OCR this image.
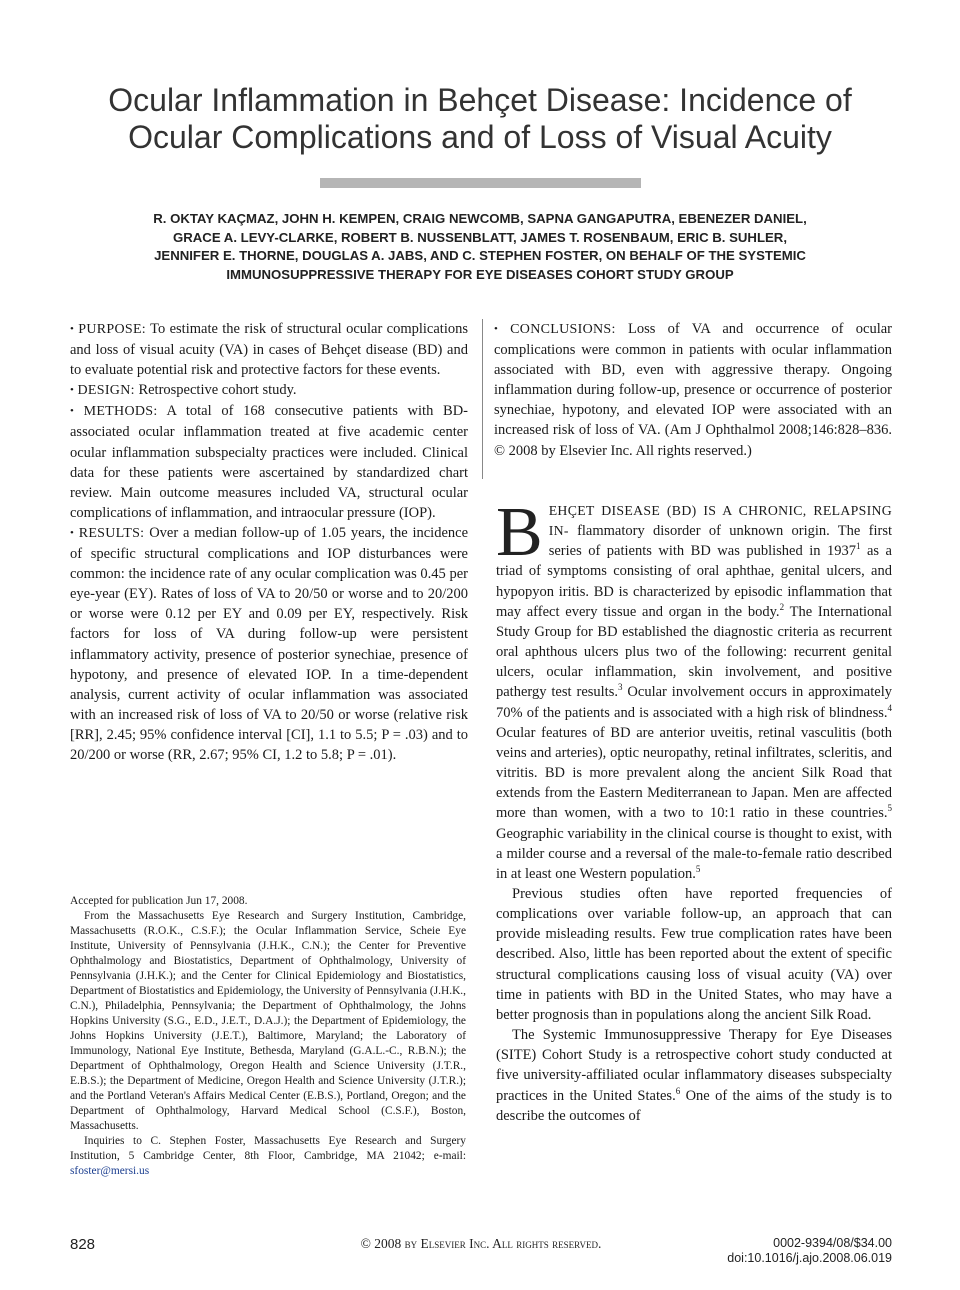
Ocular Inflammation in Behçet Disease: Incidence of
Ocular Complications and of Loss of Visual Acuity

R. OKTAY KAÇMAZ, JOHN H. KEMPEN, CRAIG NEWCOMB, SAPNA GANGAPUTRA, EBENEZER DANIEL,
GRACE A. LEVY-CLARKE, ROBERT B. NUSSENBLATT, JAMES T. ROSENBAUM, ERIC B. SUHLER,
JENNIFER E. THORNE, DOUGLAS A. JABS, AND C. STEPHEN FOSTER, ON BEHALF OF THE SYSTEMIC
IMMUNOSUPPRESSIVE THERAPY FOR EYE DISEASES COHORT STUDY GROUP

• PURPOSE: To estimate the risk of structural ocular complications and loss of visual acuity (VA) in cases of Behçet disease (BD) and to evaluate potential risk and protective factors for these events.

• DESIGN: Retrospective cohort study.

• METHODS: A total of 168 consecutive patients with BD-associated ocular inflammation treated at five academic center ocular inflammation subspecialty practices were included. Clinical data for these patients were ascertained by standardized chart review. Main outcome measures included VA, structural ocular complications of inflammation, and intraocular pressure (IOP).

• RESULTS: Over a median follow-up of 1.05 years, the incidence of specific structural complications and IOP disturbances were common: the incidence rate of any ocular complication was 0.45 per eye-year (EY). Rates of loss of VA to 20/50 or worse and to 20/200 or worse were 0.12 per EY and 0.09 per EY, respectively. Risk factors for loss of VA during follow-up were persistent inflammatory activity, presence of posterior synechiae, presence of hypotony, and presence of elevated IOP. In a time-dependent analysis, current activity of ocular inflammation was associated with an increased risk of loss of VA to 20/50 or worse (relative risk [RR], 2.45; 95% confidence interval [CI], 1.1 to 5.5; P = .03) and to 20/200 or worse (RR, 2.67; 95% CI, 1.2 to 5.8; P = .01).

• CONCLUSIONS: Loss of VA and occurrence of ocular complications were common in patients with ocular inflammation associated with BD, even with aggressive therapy. Ongoing inflammation during follow-up, presence or occurrence of posterior synechiae, hypotony, and elevated IOP were associated with an increased risk of loss of VA. (Am J Ophthalmol 2008;146:828–836. © 2008 by Elsevier Inc. All rights reserved.)

Accepted for publication Jun 17, 2008.

From the Massachusetts Eye Research and Surgery Institution, Cambridge, Massachusetts (R.O.K., C.S.F.); the Ocular Inflammation Service, Scheie Eye Institute, University of Pennsylvania (J.H.K., C.N.); the Center for Preventive Ophthalmology and Biostatistics, Department of Ophthalmology, University of Pennsylvania (J.H.K.); and the Center for Clinical Epidemiology and Biostatistics, Department of Biostatistics and Epidemiology, the University of Pennsylvania (J.H.K., C.N.), Philadelphia, Pennsylvania; the Department of Ophthalmology, the Johns Hopkins University (S.G., E.D., J.E.T., D.A.J.); the Department of Epidemiology, the Johns Hopkins University (J.E.T.), Baltimore, Maryland; the Laboratory of Immunology, National Eye Institute, Bethesda, Maryland (G.A.L.-C., R.B.N.); the Department of Ophthalmology, Oregon Health and Science University (J.T.R., E.B.S.); the Department of Medicine, Oregon Health and Science University (J.T.R.); and the Portland Veteran's Affairs Medical Center (E.B.S.), Portland, Oregon; and the Department of Ophthalmology, Harvard Medical School (C.S.F.), Boston, Massachusetts.

Inquiries to C. Stephen Foster, Massachusetts Eye Research and Surgery Institution, 5 Cambridge Center, 8th Floor, Cambridge, MA 21042; e-mail: sfoster@mersi.us

BEHÇET DISEASE (BD) IS A CHRONIC, RELAPSING IN- flammatory disorder of unknown origin. The first series of patients with BD was published in 1937$^1$ as a triad of symptoms consisting of oral aphthae, genital ulcers, and hypopyon iritis. BD is characterized by episodic inflammation that may affect every tissue and organ in the body.$^2$ The International Study Group for BD established the diagnostic criteria as recurrent oral aphthous ulcers plus two of the following: recurrent genital ulcers, ocular inflammation, skin involvement, and positive pathergy test results.$^3$ Ocular involvement occurs in approximately 70% of the patients and is associated with a high risk of blindness.$^4$ Ocular features of BD are anterior uveitis, retinal vasculitis (both veins and arteries), optic neuropathy, retinal infiltrates, scleritis, and vitritis. BD is more prevalent along the ancient Silk Road that extends from the Eastern Mediterranean to Japan. Men are affected more than women, with a two to 10:1 ratio in these countries.$^5$ Geographic variability in the clinical course is thought to exist, with a milder course and a reversal of the male-to-female ratio described in at least one Western population.$^5$

Previous studies often have reported frequencies of complications over variable follow-up, an approach that can provide misleading results. Few true complication rates have been described. Also, little has been reported about the extent of specific structural complications causing loss of visual acuity (VA) over time in patients with BD in the United States, who may have a better prognosis than in populations along the ancient Silk Road.

The Systemic Immunosuppressive Therapy for Eye Diseases (SITE) Cohort Study is a retrospective cohort study conducted at five university-affiliated ocular inflammatory diseases subspecialty practices in the United States.$^6$ One of the aims of the study is to describe the outcomes of

828	© 2008 by Elsevier Inc. All rights reserved.	0002-9394/08/$34.00
doi:10.1016/j.ajo.2008.06.019
